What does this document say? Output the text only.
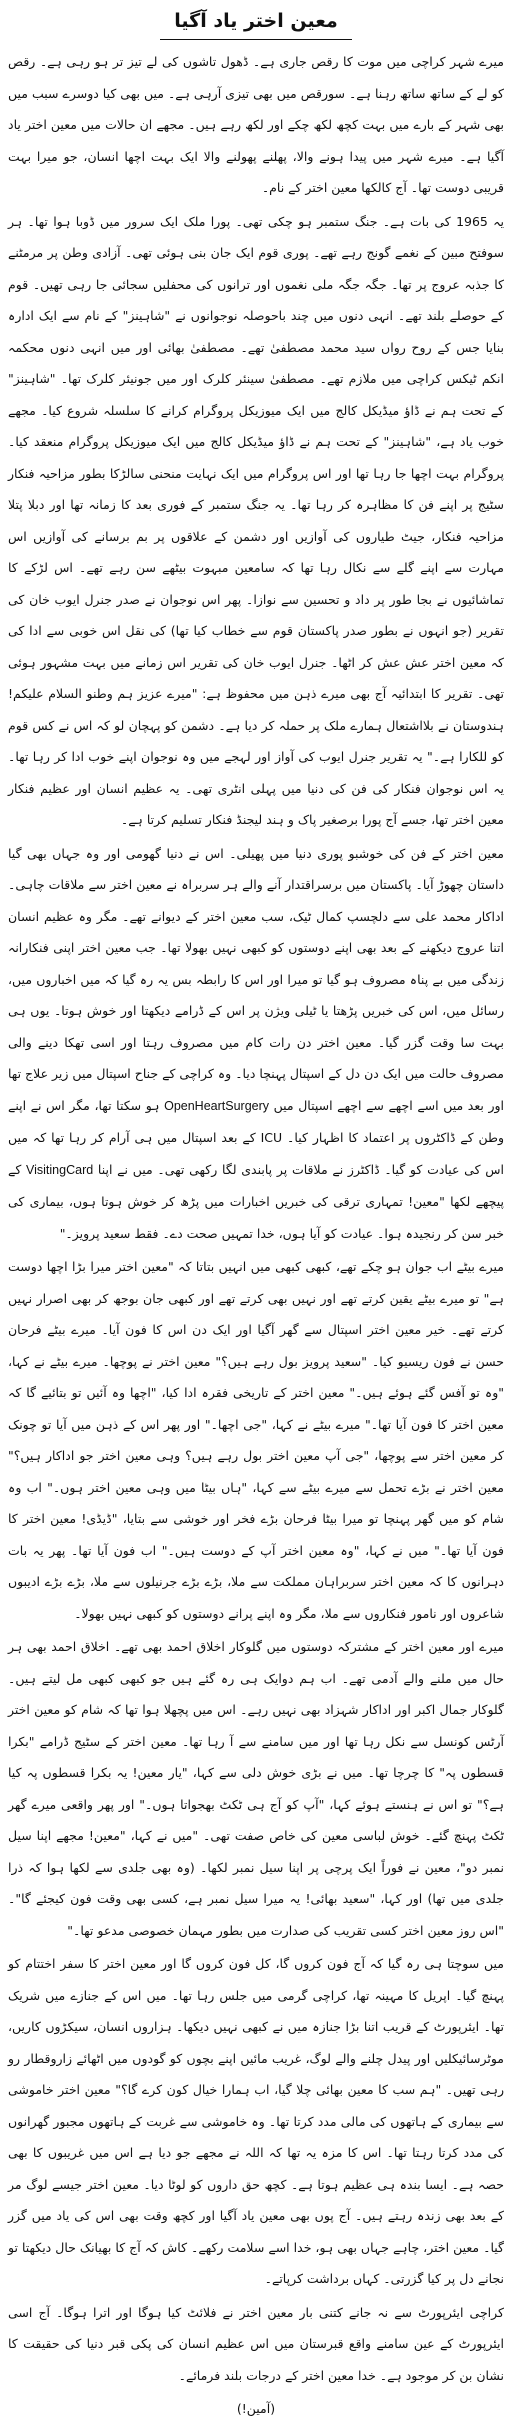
معین اختر یاد آگیا

میرے شہر کراچی میں موت کا رقص جاری ہے۔ ڈھول تاشوں کی لے تیز تر ہو رہی ہے۔ رقص کو لے کے ساتھ ساتھ رہنا ہے۔ سورقص میں بھی تیزی آرہی ہے۔ میں بھی کیا دوسرے سبب میں بھی شہر کے بارے میں بہت کچھ لکھ چکے اور لکھ رہے ہیں۔ مجھے ان حالات میں معین اختر یاد آگیا ہے۔ میرے شہر میں پیدا ہونے والا، پھلنے پھولنے والا ایک بہت اچھا انسان، جو میرا بہت قریبی دوست تھا۔ آج کالکھا معین اختر کے نام۔

یہ 1965 کی بات ہے۔ جنگ ستمبر ہو چکی تھی۔ پورا ملک ایک سرور میں ڈوبا ہوا تھا۔ ہر سوفتح مبین کے نغمے گونج رہے تھے۔ پوری قوم ایک جان بنی ہوئی تھی۔ آزادی وطن پر مرمٹنے کا جذبہ عروج پر تھا۔ جگہ جگہ ملی نغموں اور ترانوں کی محفلیں سجائی جا رہی تھیں۔ قوم کے حوصلے بلند تھے۔ انہی دنوں میں چند باحوصلہ نوجوانوں نے "شاہینز" کے نام سے ایک ادارہ بنایا جس کے روح رواں سید محمد مصطفیٰ تھے۔ مصطفیٰ بھائی اور میں انہی دنوں محکمہ انکم ٹیکس کراچی میں ملازم تھے۔ مصطفیٰ سینئر کلرک اور میں جونیئر کلرک تھا۔ "شاہینز" کے تحت ہم نے ڈاؤ میڈیکل کالج میں ایک میوزیکل پروگرام کرانے کا سلسلہ شروع کیا۔ مجھے خوب یاد ہے، "شاہینز" کے تحت ہم نے ڈاؤ میڈیکل کالج میں ایک میوزیکل پروگرام منعقد کیا۔ پروگرام بہت اچھا جا رہا تھا اور اس پروگرام میں ایک نہایت منحنی سالڑکا بطور مزاحیہ فنکار سٹیج پر اپنے فن کا مظاہرہ کر رہا تھا۔ یہ جنگ ستمبر کے فوری بعد کا زمانہ تھا اور دبلا پتلا مزاحیہ فنکار، جیٹ طیاروں کی آوازیں اور دشمن کے علاقوں پر بم برسانے کی آوازیں اس مہارت سے اپنے گلے سے نکال رہا تھا کہ سامعین مبہوت بیٹھے سن رہے تھے۔ اس لڑکے کا تماشائیوں نے بجا طور پر داد و تحسین سے نوازا۔ پھر اس نوجوان نے صدر جنرل ایوب خان کی تقریر (جو انہوں نے بطور صدر پاکستان قوم سے خطاب کیا تھا) کی نقل اس خوبی سے ادا کی کہ معین اختر عش عش کر اٹھا۔ جنرل ایوب خان کی تقریر اس زمانے میں بہت مشہور ہوئی تھی۔ تقریر کا ابتدائیہ آج بھی میرے ذہن میں محفوظ ہے: "میرے عزیز ہم وطنو السلام علیکم! ہندوستان نے بلااشتعال ہمارے ملک پر حملہ کر دیا ہے۔ دشمن کو پہچان لو کہ اس نے کس قوم کو للکارا ہے۔" یہ تقریر جنرل ایوب کی آواز اور لہجے میں وہ نوجوان اپنے خوب ادا کر رہا تھا۔ یہ اس نوجوان فنکار کی فن کی دنیا میں پہلی انٹری تھی۔ یہ عظیم انسان اور عظیم فنکار معین اختر تھا، جسے آج پورا برصغیر پاک و ہند لیجنڈ فنکار تسلیم کرتا ہے۔

معین اختر کے فن کی خوشبو پوری دنیا میں پھیلی۔ اس نے دنیا گھومی اور وہ جہاں بھی گیا داستان چھوڑ آیا۔ پاکستان میں برسراقتدار آنے والے ہر سربراہ نے معین اختر سے ملاقات چاہی۔ اداکار محمد علی سے دلچسپ کمال ٹیک، سب معین اختر کے دیوانے تھے۔ مگر وہ عظیم انسان اتنا عروج دیکھنے کے بعد بھی اپنے دوستوں کو کبھی نہیں بھولا تھا۔ جب معین اختر اپنی فنکارانہ زندگی میں بے پناہ مصروف ہو گیا تو میرا اور اس کا رابطہ بس یہ رہ گیا کہ میں اخباروں میں، رسائل میں، اس کی خبریں پڑھتا یا ٹیلی ویژن پر اس کے ڈرامے دیکھتا اور خوش ہوتا۔ یوں ہی بہت سا وقت گزر گیا۔ معین اختر دن رات کام میں مصروف رہتا اور اسی تھکا دینے والی مصروف حالت میں ایک دن دل کے اسپتال پہنچا دیا۔ وہ کراچی کے جناح اسپتال میں زیر علاج تھا اور بعد میں اسے اچھے سے اچھے اسپتال میں OpenHeartSurgery ہو سکتا تھا، مگر اس نے اپنے وطن کے ڈاکٹروں پر اعتماد کا اظہار کیا۔ ICU کے بعد اسپتال میں ہی آرام کر رہا تھا کہ میں اس کی عیادت کو گیا۔ ڈاکٹرز نے ملاقات پر پابندی لگا رکھی تھی۔ میں نے اپنا VisitingCard کے پیچھے لکھا "معین! تمہاری ترقی کی خبریں اخبارات میں پڑھ کر خوش ہوتا ہوں، بیماری کی خبر سن کر رنجیدہ ہوا۔ عیادت کو آیا ہوں، خدا تمہیں صحت دے۔ فقط سعید پرویز۔"

میرے بیٹے اب جوان ہو چکے تھے، کبھی کبھی میں انہیں بتاتا کہ "معین اختر میرا بڑا اچھا دوست ہے" تو میرے بیٹے یقین کرتے تھے اور نہیں بھی کرتے تھے اور کبھی جان بوجھ کر بھی اصرار نہیں کرتے تھے۔ خیر معین اختر اسپتال سے گھر آگیا اور ایک دن اس کا فون آیا۔ میرے بیٹے فرحان حسن نے فون ریسیو کیا۔ "سعید پرویز بول رہے ہیں؟" معین اختر نے پوچھا۔ میرے بیٹے نے کہا، "وہ تو آفس گئے ہوئے ہیں۔" معین اختر کے تاریخی فقرہ ادا کیا، "اچھا وہ آئیں تو بتائیے گا کہ معین اختر کا فون آیا تھا۔" میرے بیٹے نے کہا، "جی اچھا۔" اور پھر اس کے ذہن میں آیا تو چونک کر معین اختر سے پوچھا، "جی آپ معین اختر بول رہے ہیں؟ وہی معین اختر جو اداکار ہیں؟" معین اختر نے بڑے تحمل سے میرے بیٹے سے کہا، "ہاں بیٹا میں وہی معین اختر ہوں۔" اب وہ شام کو میں گھر پہنچا تو میرا بیٹا فرحان بڑے فخر اور خوشی سے بتایا، "ڈیڈی! معین اختر کا فون آیا تھا۔" میں نے کہا، "وہ معین اختر آپ کے دوست ہیں۔" اب فون آیا تھا۔ پھر یہ بات دہرانوں کا کہ معین اختر سربراہان مملکت سے ملا، بڑے بڑے جرنیلوں سے ملا، بڑے بڑے ادیبوں شاعروں اور نامور فنکاروں سے ملا، مگر وہ اپنے پرانے دوستوں کو کبھی نہیں بھولا۔

میرے اور معین اختر کے مشترکہ دوستوں میں گلوکار اخلاق احمد بھی تھے۔ اخلاق احمد بھی ہر حال میں ملنے والے آدمی تھے۔ اب ہم دوایک ہی رہ گئے ہیں جو کبھی کبھی مل لیتے ہیں۔ گلوکار جمال اکبر اور اداکار شہزاد بھی نہیں رہے۔ اس میں پچھلا ہوا تھا کہ شام کو معین اختر آرٹس کونسل سے نکل رہا تھا اور میں سامنے سے آ رہا تھا۔ معین اختر کے سٹیج ڈرامے "بکرا قسطوں پہ" کا چرچا تھا۔ میں نے بڑی خوش دلی سے کہا، "یار معین! یہ بکرا قسطوں پہ کیا ہے؟" تو اس نے ہنستے ہوئے کہا، "آپ کو آج ہی ٹکٹ بھجواتا ہوں۔" اور پھر واقعی میرے گھر ٹکٹ پہنچ گئے۔ خوش لباسی معین کی خاص صفت تھی۔ "میں نے کہا، "معین! مجھے اپنا سیل نمبر دو"، معین نے فوراً ایک پرچی پر اپنا سیل نمبر لکھا۔ (وہ بھی جلدی سے لکھا ہوا کہ ذرا جلدی میں تھا) اور کہا، "سعید بھائی! یہ میرا سیل نمبر ہے، کسی بھی وقت فون کیجئے گا"۔ "اس روز معین اختر کسی تقریب کی صدارت میں بطور مہمان خصوصی مدعو تھا۔"

میں سوچتا ہی رہ گیا کہ آج فون کروں گا، کل فون کروں گا اور معین اختر کا سفر اختتام کو پہنچ گیا۔ اپریل کا مہینہ تھا، کراچی گرمی میں جلس رہا تھا۔ میں اس کے جنازے میں شریک تھا۔ ایئرپورٹ کے قریب اتنا بڑا جنازہ میں نے کبھی نہیں دیکھا۔ ہزاروں انسان، سیکڑوں کاریں، موٹرسائیکلیں اور پیدل چلنے والے لوگ، غریب مائیں اپنے بچوں کو گودوں میں اٹھائے زاروقطار رو رہی تھیں۔ "ہم سب کا معین بھائی چلا گیا، اب ہمارا خیال کون کرے گا؟" معین اختر خاموشی سے بیماری کے ہاتھوں کی مالی مدد کرتا تھا۔ وہ خاموشی سے غربت کے ہاتھوں مجبور گھرانوں کی مدد کرتا رہتا تھا۔ اس کا مزہ یہ تھا کہ اللہ نے مجھے جو دیا ہے اس میں غریبوں کا بھی حصہ ہے۔ ایسا بندہ ہی عظیم ہوتا ہے۔ کچھ حق داروں کو لوٹا دیا۔ معین اختر جیسے لوگ مر کے بعد بھی زندہ رہتے ہیں۔ آج پوں بھی معین یاد آگیا اور کچھ وقت بھی اس کی یاد میں گزر گیا۔ معین اختر، چاہے جہاں بھی ہو، خدا اسے سلامت رکھے۔ کاش کہ آج کا بھیانک حال دیکھتا تو نجانے دل پر کیا گزرتی۔ کہاں برداشت کرپاتے۔

کراچی ایئرپورٹ سے نہ جانے کتنی بار معین اختر نے فلائٹ کیا ہوگا اور اترا ہوگا۔ آج اسی ایئرپورٹ کے عین سامنے واقع قبرستان میں اس عظیم انسان کی پکی قبر دنیا کی حقیقت کا نشان بن کر موجود ہے۔ خدا معین اختر کے درجات بلند فرمائے۔

(آمین!)
